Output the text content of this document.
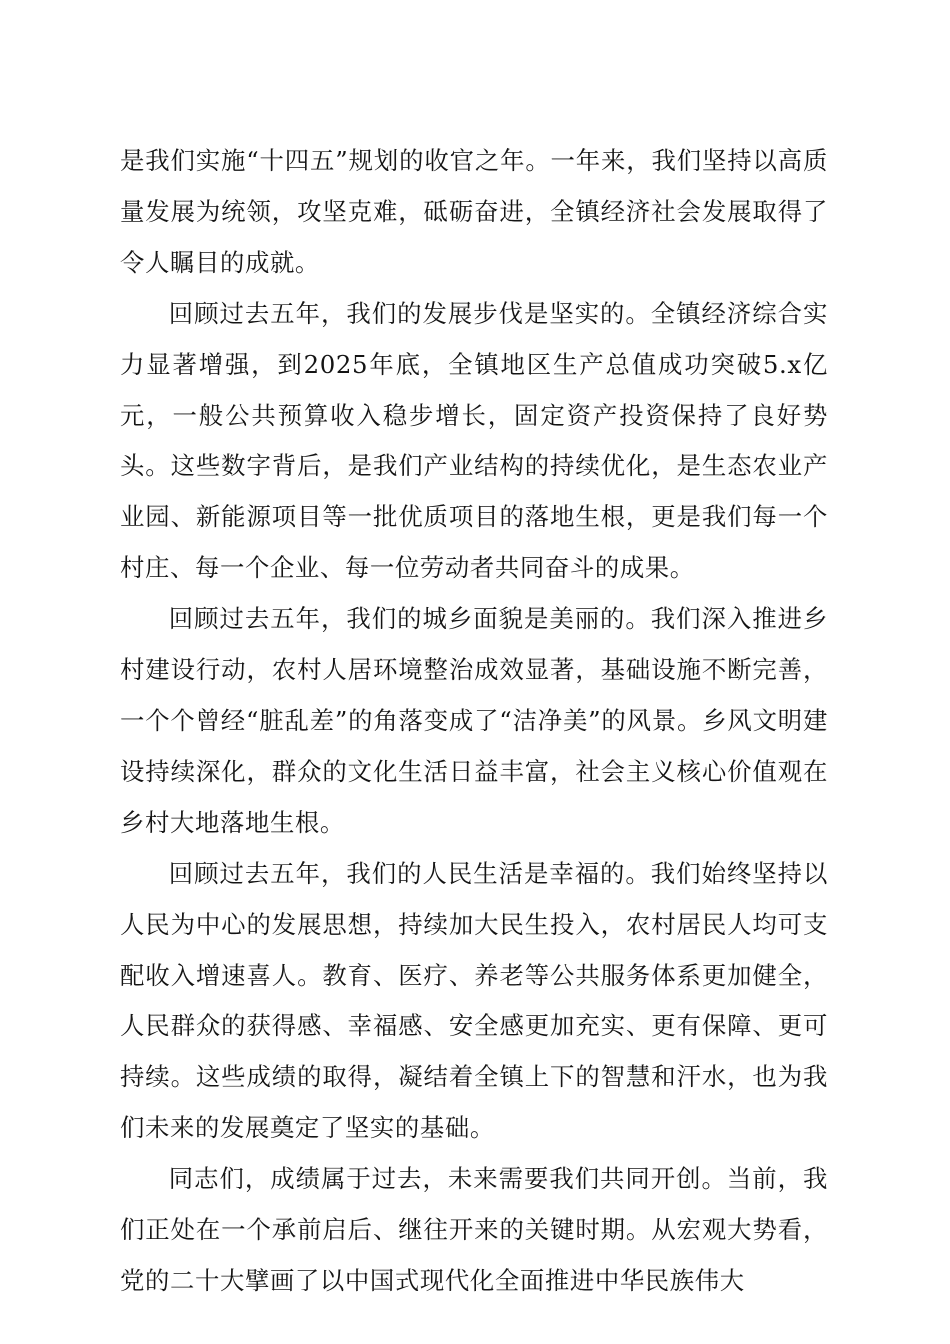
是我们实施“十四五”规划的收官之年。一年来，我们坚持以高质量发展为统领，攻坚克难，砥砺奋进，全镇经济社会发展取得了令人瞩目的成就。

回顾过去五年，我们的发展步伐是坚实的。全镇经济综合实力显著增强，到2025年底，全镇地区生产总值成功突破5.x亿元，一般公共预算收入稳步增长，固定资产投资保持了良好势头。这些数字背后，是我们产业结构的持续优化，是生态农业产业园、新能源项目等一批优质项目的落地生根，更是我们每一个村庄、每一个企业、每一位劳动者共同奋斗的成果。

回顾过去五年，我们的城乡面貌是美丽的。我们深入推进乡村建设行动，农村人居环境整治成效显著，基础设施不断完善，一个个曾经“脏乱差”的角落变成了“洁净美”的风景。乡风文明建设持续深化，群众的文化生活日益丰富，社会主义核心价值观在乡村大地落地生根。

回顾过去五年，我们的人民生活是幸福的。我们始终坚持以人民为中心的发展思想，持续加大民生投入，农村居民人均可支配收入增速喜人。教育、医疗、养老等公共服务体系更加健全，人民群众的获得感、幸福感、安全感更加充实、更有保障、更可持续。这些成绩的取得，凝结着全镇上下的智慧和汗水，也为我们未来的发展奠定了坚实的基础。

同志们，成绩属于过去，未来需要我们共同开创。当前，我们正处在一个承前启后、继往开来的关键时期。从宏观大势看，党的二十大擘画了以中国式现代化全面推进中华民族伟大
